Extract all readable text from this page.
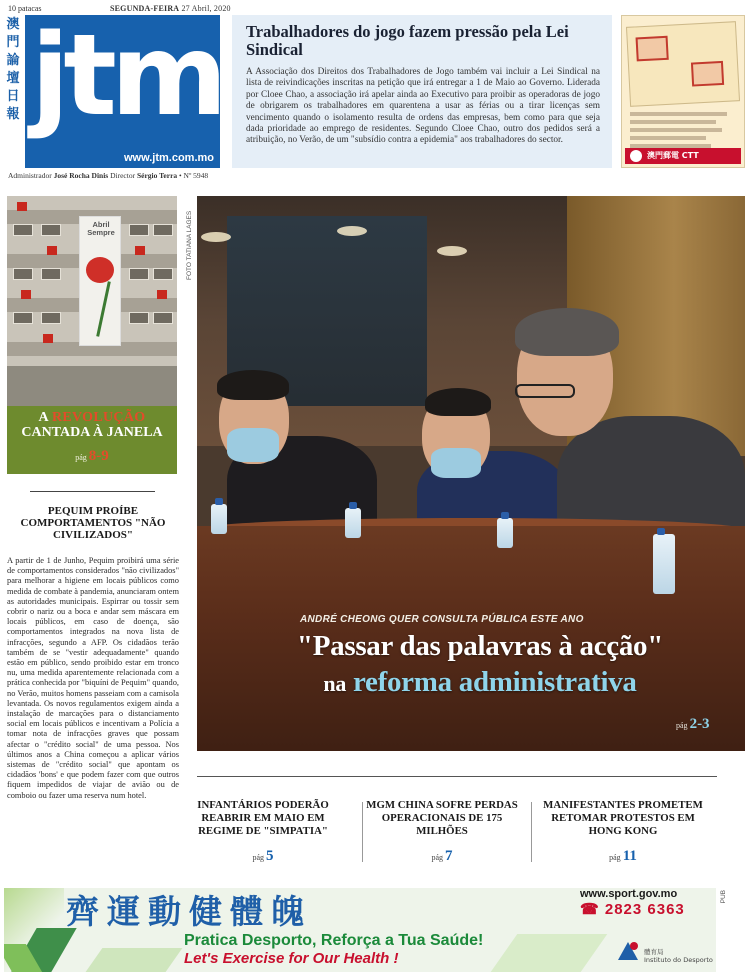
10 patacas	SEGUNDA-FEIRA 27 Abril, 2020
澳
門
論
壇
日
報 jtm
www.jtm.com.mo
Administrador José Rocha Dinis Director Sérgio Terra • Nº 5948
Trabalhadores do jogo fazem pressão pela Lei Sindical

A Associação dos Direitos dos Trabalhadores de Jogo também vai incluir a Lei Sindical na lista de reivindicações inscritas na petição que irá entregar a 1 de Maio ao Governo. Liderada por Cloee Chao, a associação irá apelar ainda ao Executivo para proibir as operadoras de jogo de obrigarem os trabalhadores em quarentena a usar as férias ou a tirar licenças sem vencimento quando o isolamento resulta de ordens das empresas, bem como para que seja dada prioridade ao emprego de residentes. Segundo Cloee Chao, outro dos pedidos será a atribuição, no Verão, de um "subsídio contra a epidemia" aos trabalhadores do sector.

澳門郵電 CTT
Abril Sempre
A REVOLUÇÃO
CANTADA À JANELA
pág 8-9
PEQUIM PROÍBE COMPORTAMENTOS "NÃO CIVILIZADOS"
A partir de 1 de Junho, Pequim proibirá uma série de comportamentos considerados "não civilizados" para melhorar a higiene em locais públicos como medida de combate à pandemia, anunciaram ontem as autoridades municipais. Espirrar ou tossir sem cobrir o nariz ou a boca e andar sem máscara em locais públicos, em caso de doença, são comportamentos integrados na nova lista de infracções, segundo a AFP. Os cidadãos terão também de se "vestir adequadamente" quando estão em público, sendo proibido estar em tronco nu, uma medida aparentemente relacionada com a prática conhecida por "biquíni de Pequim" quando, no Verão, muitos homens passeiam com a camisola levantada. Os novos regulamentos exigem ainda a instalação de marcações para o distanciamento social em locais públicos e incentivam a Polícia a tomar nota de infracções graves que possam afectar o "crédito social" de uma pessoa. Nos últimos anos a China começou a aplicar vários sistemas de "crédito social" que apontam os cidadãos 'bons' e que podem fazer com que outros fiquem impedidos de viajar de avião ou de comboio ou fazer uma reserva num hotel.
FOTO TATIANA LAGES
ANDRÉ CHEONG QUER CONSULTA PÚBLICA ESTE ANO
"Passar das palavras à acção"
na reforma administrativa
pág 2-3
INFANTÁRIOS PODERÃO REABRIR EM MAIO EM REGIME DE "SIMPATIA"
pág 5
MGM CHINA SOFRE PERDAS OPERACIONAIS DE 175 MILHÕES
pág 7
MANIFESTANTES PROMETEM RETOMAR PROTESTOS EM HONG KONG
pág 11
齊運動健體魄	www.sport.gov.mo
☎ 2823 6363
Pratica Desporto, Reforça a Tua Saúde!
Let's Exercise for Our Health !	體育局
Instituto do Desporto
PUB
